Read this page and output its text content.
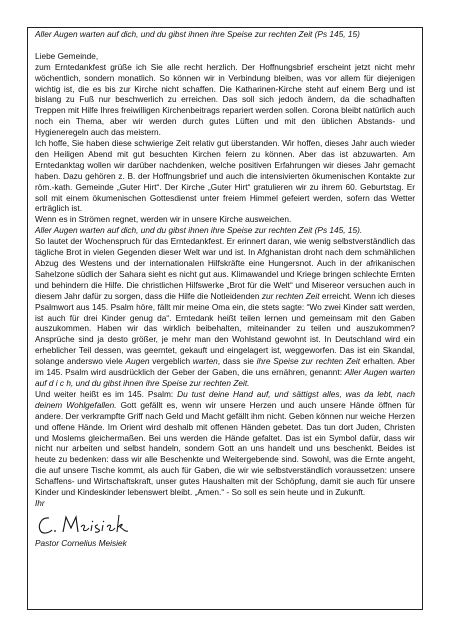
Aller Augen warten auf dich, und du gibst ihnen ihre Speise zur rechten Zeit (Ps 145, 15)

Liebe Gemeinde,

zum Erntedankfest grüße ich Sie alle recht herzlich. Der Hoffnungsbrief erscheint jetzt nicht mehr wöchentlich, sondern monatlich. So können wir in Verbindung bleiben, was vor allem für diejenigen wichtig ist, die es bis zur Kirche nicht schaffen. Die Katharinen-Kirche steht auf einem Berg und ist bislang zu Fuß nur beschwerlich zu erreichen. Das soll sich jedoch ändern, da die schadhaften Treppen mit Hilfe Ihres freiwilligen Kirchenbeitrags repariert werden sollen. Corona bleibt natürlich auch noch ein Thema, aber wir werden durch gutes Lüften und mit den üblichen Abstands- und Hygieneregeln auch das meistern.

Ich hoffe, Sie haben diese schwierige Zeit relativ gut überstanden. Wir hoffen, dieses Jahr auch wieder den Heiligen Abend mit gut besuchten Kirchen feiern zu können. Aber das ist abzuwarten. Am Erntedanktag wollen wir darüber nachdenken, welche positiven Erfahrungen wir dieses Jahr gemacht haben. Dazu gehören z. B. der Hoffnungsbrief und auch die intensivierten ökumenischen Kontakte zur röm.-kath. Gemeinde „Guter Hirt“. Der Kirche „Guter Hirt“ gratulieren wir zu ihrem 60. Geburtstag. Er soll mit einem ökumenischen Gottesdienst unter freiem Himmel gefeiert werden, sofern das Wetter erträglich ist.

Wenn es in Strömen regnet, werden wir in unsere Kirche ausweichen.

Aller Augen warten auf dich, und du gibst ihnen ihre Speise zur rechten Zeit (Ps 145, 15).

So lautet der Wochenspruch für das Erntedankfest. Er erinnert daran, wie wenig selbstverständlich das tägliche Brot in vielen Gegenden dieser Welt war und ist. In Afghanistan droht nach dem schmählichen Abzug des Westens und der internationalen Hilfskräfte eine Hungersnot. Auch in der afrikanischen Sahelzone südlich der Sahara sieht es nicht gut aus. Klimawandel und Kriege bringen schlechte Ernten und behindern die Hilfe. Die christlichen Hilfswerke „Brot für die Welt“ und Misereor versuchen auch in diesem Jahr dafür zu sorgen, dass die Hilfe die Notleidenden zur rechten Zeit erreicht. Wenn ich dieses Psalmwort aus 145. Psalm höre, fällt mir meine Oma ein, die stets sagte: “Wo zwei Kinder satt werden, ist auch für drei Kinder genug da“. Erntedank heißt teilen lernen und gemeinsam mit den Gaben auszukommen. Haben wir das wirklich beibehalten, miteinander zu teilen und auszukommen? Ansprüche sind ja desto größer, je mehr man den Wohlstand gewohnt ist. In Deutschland wird ein erheblicher Teil dessen, was geerntet, gekauft und eingelagert ist, weggeworfen. Das ist ein Skandal, solange anderswo viele Augen vergeblich warten, dass sie ihre Speise zur rechten Zeit erhalten. Aber im 145. Psalm wird ausdrücklich der Geber der Gaben, die uns ernähren, genannt: Aller Augen warten auf d i c h, und du gibst ihnen ihre Speise zur rechten Zeit.

Und weiter heißt es im 145. Psalm: Du tust deine Hand auf, und sättigst alles, was da lebt, nach deinem Wohlgefallen. Gott gefällt es, wenn wir unsere Herzen und auch unsere Hände öffnen für andere. Der verkrampfte Griff nach Geld und Macht gefällt ihm nicht. Geben können nur weiche Herzen und offene Hände. Im Orient wird deshalb mit offenen Händen gebetet. Das tun dort Juden, Christen und Moslems gleichermaßen. Bei uns werden die Hände gefaltet. Das ist ein Symbol dafür, dass wir nicht nur arbeiten und selbst handeln, sondern Gott an uns handelt und uns beschenkt. Beides ist heute zu bedenken: dass wir alle Beschenkte und Weitergebende sind. Sowohl, was die Ernte angeht, die auf unsere Tische kommt, als auch für Gaben, die wir wie selbstverständlich voraussetzen: unsere Schaffens- und Wirtschaftskraft, unser gutes Haushalten mit der Schöpfung, damit sie auch für unsere Kinder und Kindeskinder lebenswert bleibt. „Amen.“ - So soll es sein heute und in Zukunft.

Ihr

Pastor Cornelius Meisiek
